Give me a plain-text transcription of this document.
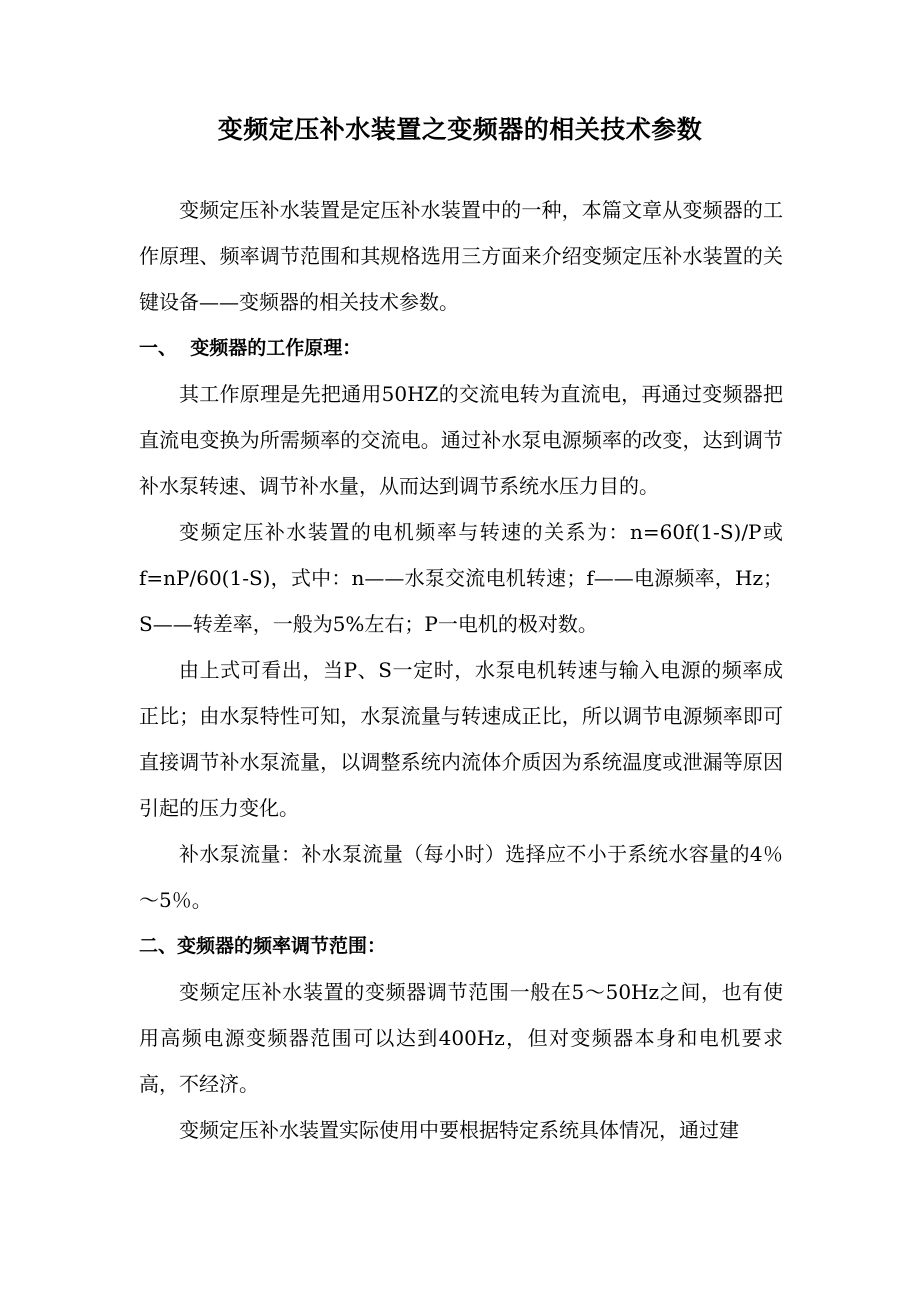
变频定压补水装置之变频器的相关技术参数

变频定压补水装置是定压补水装置中的一种，本篇文章从变频器的工作原理、频率调节范围和其规格选用三方面来介绍变频定压补水装置的关键设备——变频器的相关技术参数。

一、  变频器的工作原理：

其工作原理是先把通用50HZ的交流电转为直流电，再通过变频器把直流电变换为所需频率的交流电。通过补水泵电源频率的改变，达到调节补水泵转速、调节补水量，从而达到调节系统水压力目的。

变频定压补水装置的电机频率与转速的关系为：n=60f(1-S)/P或f=nP/60(1-S)，式中：n——水泵交流电机转速；f——电源频率，Hz；S——转差率，一般为5%左右；P一电机的极对数。

由上式可看出，当P、S一定时，水泵电机转速与输入电源的频率成正比；由水泵特性可知，水泵流量与转速成正比，所以调节电源频率即可直接调节补水泵流量，以调整系统内流体介质因为系统温度或泄漏等原因引起的压力变化。

补水泵流量：补水泵流量（每小时）选择应不小于系统水容量的4％～5％。

二、变频器的频率调节范围：

变频定压补水装置的变频器调节范围一般在5～50Hz之间，也有使用高频电源变频器范围可以达到400Hz，但对变频器本身和电机要求高，不经济。

变频定压补水装置实际使用中要根据特定系统具体情况，通过建
